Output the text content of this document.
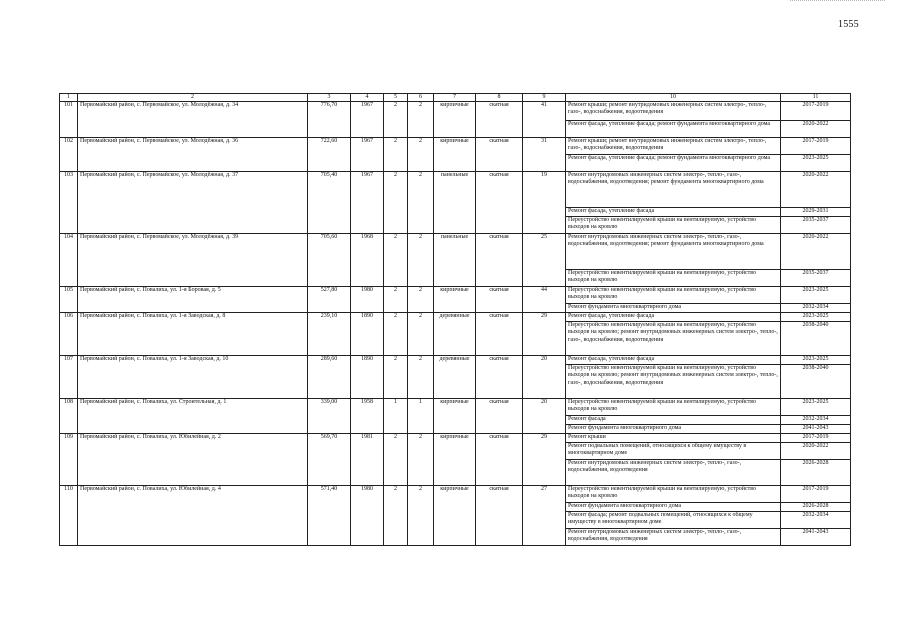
1555
1	2	3	4	5	6	7	8	9	10	11
101	Первомайский район, с. Первомайское, ул. Молодёжная, д. 34	776,70	1967	2	2	кирпичные	скатная	41	Ремонт крыши; ремонт внутридомовых инженерных систем электро-, тепло-, газо-, водоснабжения, водоотведения	2017-2019
									Ремонт фасада, утепление фасада; ремонт фундамента многоквартирного дома	2020-2022
102	Первомайский район, с. Первомайское, ул. Молодёжная, д. 36	722,60	1967	2	2	кирпичные	скатная	31	Ремонт крыши; ремонт внутридомовых инженерных систем электро-, тепло-, газо-, водоснабжения, водоотведения	2017-2019
									Ремонт фасада, утепление фасада; ремонт фундамента многоквартирного дома	2023-2025
103	Первомайский район, с. Первомайское, ул. Молодёжная, д. 37	705,40	1967	2	2	панельные	скатная	19	Ремонт внутридомовых инженерных систем электро-, тепло-, газо-, водоснабжения, водоотведения; ремонт фундамента многоквартирного дома	2020-2022
									Ремонт фасада, утепление фасада	2029-2031
									Переустройство невентилируемой крыши на вентилируемую, устройство выходов на кровлю	2035-2037
104	Первомайский район, с. Первомайское, ул. Молодёжная, д. 39	705,60	1968	2	2	панельные	скатная	25	Ремонт внутридомовых инженерных систем электро-, тепло-, газо-, водоснабжения, водоотведения; ремонт фундамента многоквартирного дома	2020-2022
									Переустройство невентилируемой крыши на вентилируемую, устройство выходов на кровлю	2035-2037
105	Первомайский район, с. Повалиха, ул. 1-я Боровая, д. 5	527,80	1980	2	2	кирпичные	скатная	44	Переустройство невентилируемой крыши на вентилируемую, устройство выходов на кровлю	2023-2025
									Ремонт фундамента многоквартирного дома	2032-2034
106	Первомайский район, с. Повалиха, ул. 1-я Заводская, д. 8	239,10	1890	2	2	деревянные	скатная	29	Ремонт фасада, утепление фасада	2023-2025
									Переустройство невентилируемой крыши на вентилируемую, устройство выходов на кровлю; ремонт внутридомовых инженерных систем электро-, тепло-, газо-, водоснабжения, водоотведения	2038-2040
107	Первомайский район, с. Повалиха, ул. 1-я Заводская, д. 10	289,60	1890	2	2	деревянные	скатная	20	Ремонт фасада, утепление фасада	2023-2025
									Переустройство невентилируемой крыши на вентилируемую, устройство выходов на кровлю; ремонт внутридомовых инженерных систем электро-, тепло-, газо-, водоснабжения, водоотведения	2038-2040
108	Первомайский район, с. Повалиха, ул. Строительная, д. 1	339,00	1958	1	1	кирпичные	скатная	20	Переустройство невентилируемой крыши на вентилируемую, устройство выходов на кровлю	2023-2025
									Ремонт фасада	2032-2034
									Ремонт фундамента многоквартирного дома	2041-2043
109	Первомайский район, с. Повалиха, ул. Юбилейная, д. 2	569,70	1981	2	2	кирпичные	скатная	29	Ремонт крыши	2017-2019
									Ремонт подвальных помещений, относящихся к общему имуществу в многоквартирном доме	2020-2022
									Ремонт внутридомовых инженерных систем электро-, тепло-, газо-, водоснабжения, водоотведения	2026-2028
110	Первомайский район, с. Повалиха, ул. Юбилейная, д. 4	571,40	1980	2	2	кирпичные	скатная	27	Переустройство невентилируемой крыши на вентилируемую, устройство выходов на кровлю	2017-2019
									Ремонт фундамента многоквартирного дома	2026-2028
									Ремонт фасада; ремонт подвальных помещений, относящихся к общему имуществу в многоквартирном доме	2032-2034
									Ремонт внутридомовых инженерных систем электро-, тепло-, газо-, водоснабжения, водоотведения	2041-2043
